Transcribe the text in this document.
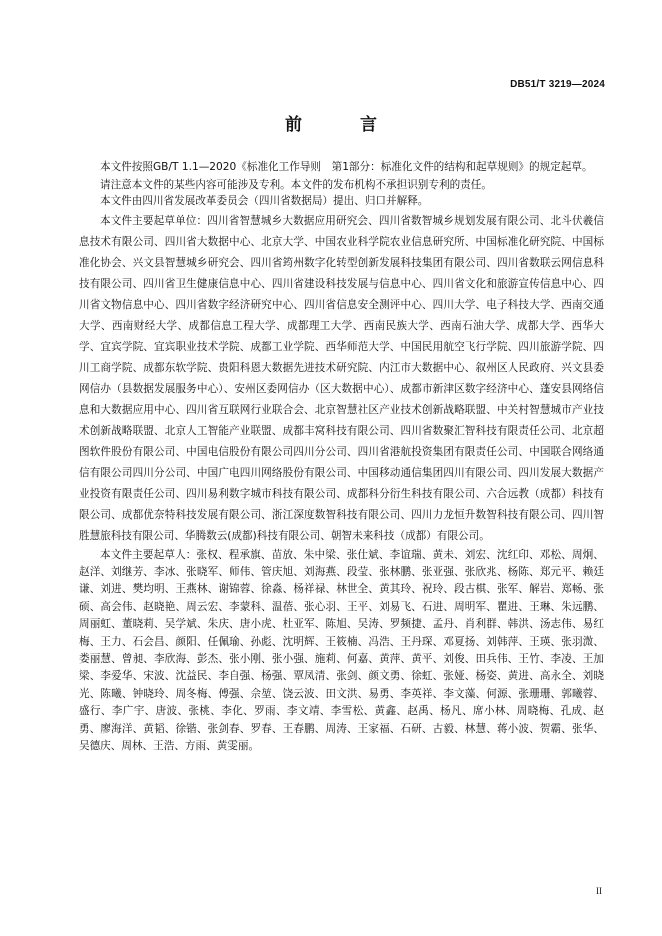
DB51/T 3219—2024
前 言

本文件按照GB/T 1.1—2020《标准化工作导则　第1部分：标准化文件的结构和起草规则》的规定起草。

请注意本文件的某些内容可能涉及专利。本文件的发布机构不承担识别专利的责任。

本文件由四川省发展改革委员会（四川省数据局）提出、归口并解释。

本文件主要起草单位：四川省智慧城乡大数据应用研究会、四川省数智城乡规划发展有限公司、北斗伏羲信息技术有限公司、四川省大数据中心、北京大学、中国农业科学院农业信息研究所、中国标准化研究院、中国标准化协会、兴文县智慧城乡研究会、四川省筠州数字化转型创新发展科技集团有限公司、四川省数联云网信息科技有限公司、四川省卫生健康信息中心、四川省建设科技发展与信息中心、四川省文化和旅游宣传信息中心、四川省文物信息中心、四川省数字经济研究中心、四川省信息安全测评中心、四川大学、电子科技大学、西南交通大学、西南财经大学、成都信息工程大学、成都理工大学、西南民族大学、西南石油大学、成都大学、西华大学、宜宾学院、宜宾职业技术学院、成都工业学院、西华师范大学、中国民用航空飞行学院、四川旅游学院、四川工商学院、成都东软学院、贵阳科恩大数据先进技术研究院、内江市大数据中心、叙州区人民政府、兴文县委网信办（县数据发展服务中心）、安州区委网信办（区大数据中心）、成都市新津区数字经济中心、蓬安县网络信息和大数据应用中心、四川省互联网行业联合会、北京智慧社区产业技术创新战略联盟、中关村智慧城市产业技术创新战略联盟、北京人工智能产业联盟、成都丰窝科技有限公司、四川省数聚汇智科技有限责任公司、北京超图软件股份有限公司、中国电信股份有限公司四川分公司、四川省港航投资集团有限责任公司、中国联合网络通信有限公司四川分公司、中国广电四川网络股份有限公司、中国移动通信集团四川有限公司、四川发展大数据产业投资有限责任公司、四川易利数字城市科技有限公司、成都科分衍生科技有限公司、六合远教（成都）科技有限公司、成都优奈特科技发展有限公司、浙江深度数智科技有限公司、四川力龙恒升数智科技有限公司、四川智胜慧旅科技有限公司、华腾数云(成都)科技有限公司、朝智未来科技（成都）有限公司。

本文件主要起草人：张权、程承旗、苗放、朱中梁、张仕斌、李谊瑞、黄未、刘宏、沈红印、邓松、周炯、赵洋、刘继芳、李冰、张晓军、师伟、管庆旭、刘海燕、段莹、张林鹏、张亚强、张欣兆、杨陈、郑元平、赖廷谦、刘进、樊均明、王燕林、谢锦蓉、徐淼、杨祥禄、林世全、黄其玲、祝玲、段古棋、张军、解岩、郑畅、张硕、高会伟、赵晓艳、周云宏、李蒙科、温蓓、张心羽、王平、刘易飞、石进、周明军、瞿进、王琳、朱远鹏、周丽虹、董晓莉、吴学斌、朱庆、唐小虎、杜亚军、陈旭、吴涛、罗频捷、孟丹、肖利群、韩洪、汤志伟、易红梅、王力、石会昌、颜阳、任佩瑜、孙彪、沈明辉、王筱楠、冯浩、王丹琛、邓夏扬、刘韩萍、王瑛、张羽溦、娄丽慧、曾昶、李欣海、彭杰、张小刚、张小强、施莉、何嘉、黄萍、黄平、刘俊、田兵伟、王竹、李凌、王加梁、李爱华、宋波、沈益民、李自强、杨强、覃凤清、张剑、颜文勇、徐虹、张娅、杨姿、黄进、高永全、刘晓光、陈曦、钟晓玲、周冬梅、傅强、佘堃、饶云波、田文洪、易勇、李英祥、李文藻、何源、张珊珊、郭曦蓉、盛行、李广宇、唐波、张桃、李化、罗雨、李文靖、李雪松、黄鑫、赵禹、杨凡、席小林、周晓梅、孔成、赵勇、廖海洋、黄韬、徐锴、张剑春、罗春、王春鹏、周涛、王家福、石研、古毅、林慧、蒋小波、贺霸、张华、吴德庆、周林、王浩、方雨、黄雯丽。

II
